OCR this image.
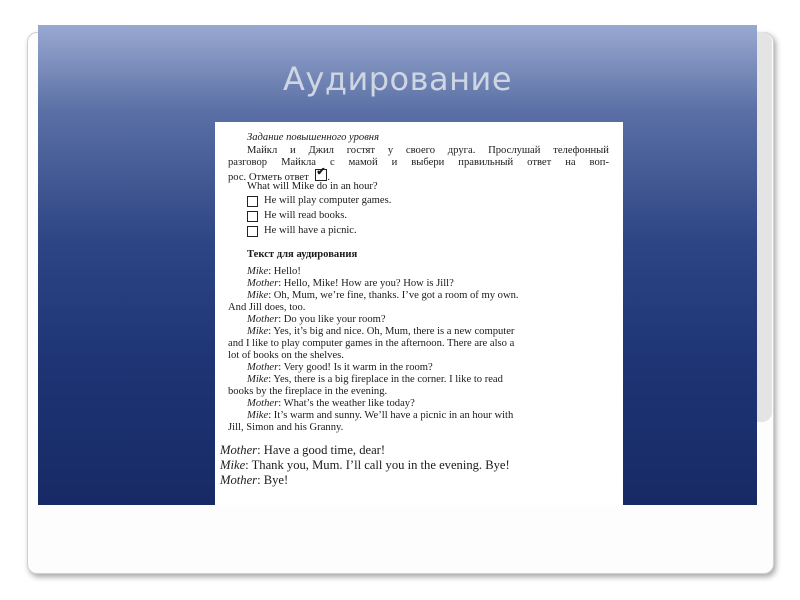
Аудирование
Задание повышенного уровня
Майкл и Джил гостят у своего друга. Прослушай телефонный
разговор Майкла с мамой и выбери правильный ответ на воп-
рос. Отметь ответ ✔ .
What will Mike do in an hour?
He will play computer games.
He will read books.
He will have a picnic.
Текст для аудирования
Mike: Hello!
Mother: Hello, Mike! How are you? How is Jill?
Mike: Oh, Mum, we’re fine, thanks. I’ve got a room of my own.
And Jill does, too.
Mother: Do you like your room?
Mike: Yes, it’s big and nice. Oh, Mum, there is a new computer
and I like to play computer games in the afternoon. There are also a
lot of books on the shelves.
Mother: Very good! Is it warm in the room?
Mike: Yes, there is a big fireplace in the corner. I like to read
books by the fireplace in the evening.
Mother: What’s the weather like today?
Mike: It’s warm and sunny. We’ll have a picnic in an hour with
Jill, Simon and his Granny.
Mother: Have a good time, dear!
Mike: Thank you, Mum. I’ll call you in the evening. Bye!
Mother: Bye!
